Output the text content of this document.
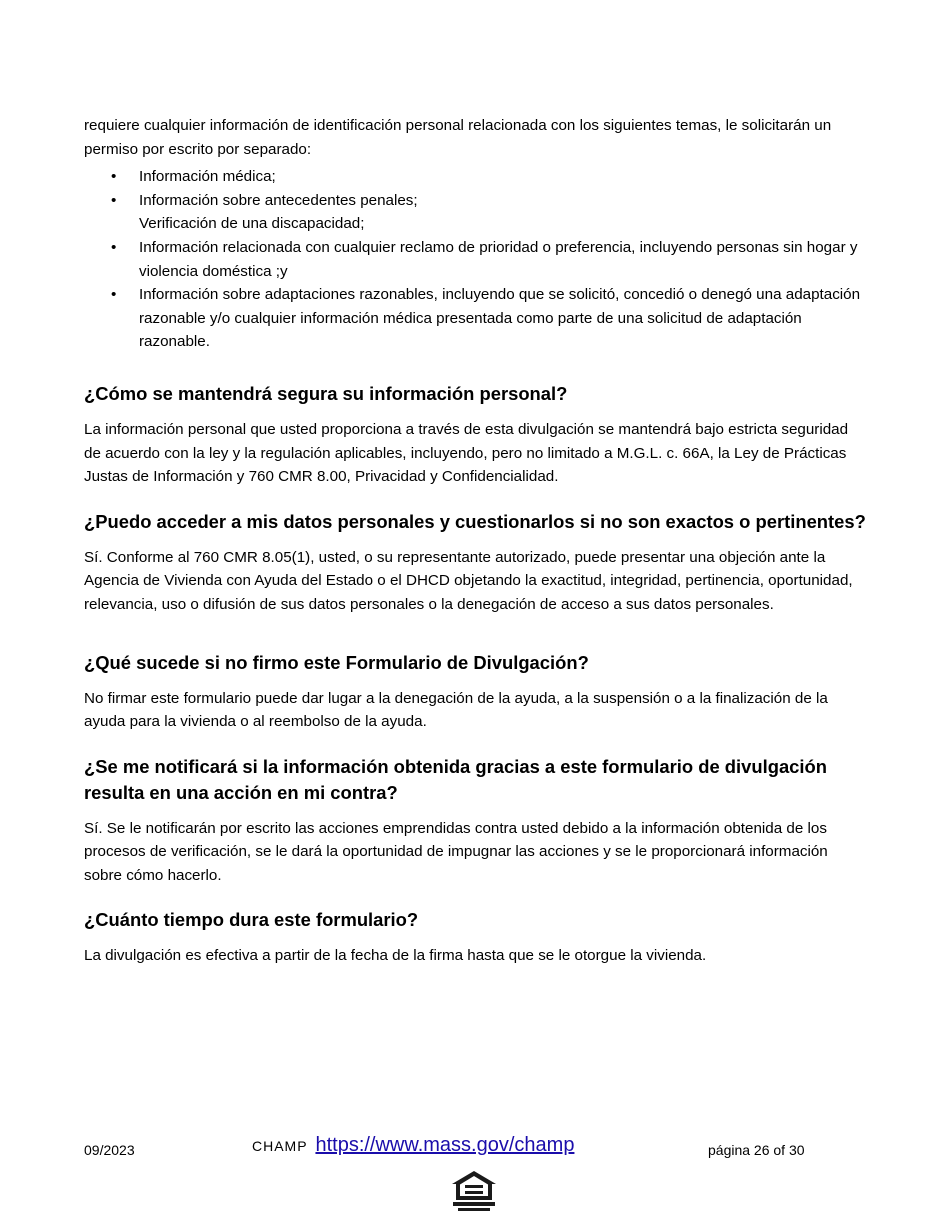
requiere cualquier información de identificación personal relacionada con los siguientes temas, le solicitarán un permiso por escrito por separado:

• Información médica;
• Información sobre antecedentes penales;
Verificación de una discapacidad;
• Información relacionada con cualquier reclamo de prioridad o preferencia, incluyendo personas sin hogar y violencia doméstica ;y
• Información sobre adaptaciones razonables, incluyendo que se solicitó, concedió o denegó una adaptación razonable y/o cualquier información médica presentada como parte de una solicitud de adaptación razonable.
¿Cómo se mantendrá segura su información personal?

La información personal que usted proporciona a través de esta divulgación se mantendrá bajo estricta seguridad de acuerdo con la ley y la regulación aplicables, incluyendo, pero no limitado a M.G.L. c. 66A, la Ley de Prácticas Justas de Información y 760 CMR 8.00, Privacidad y Confidencialidad.

¿Puedo acceder a mis datos personales y cuestionarlos si no son exactos o pertinentes?

Sí. Conforme al 760 CMR 8.05(1), usted, o su representante autorizado, puede presentar una objeción ante la Agencia de Vivienda con Ayuda del Estado o el DHCD objetando la exactitud, integridad, pertinencia, oportunidad, relevancia, uso o difusión de sus datos personales o la denegación de acceso a sus datos personales.

¿Qué sucede si no firmo este Formulario de Divulgación?

No firmar este formulario puede dar lugar a la denegación de la ayuda, a la suspensión o a la finalización de la ayuda para la vivienda o al reembolso de la ayuda.

¿Se me notificará si la información obtenida gracias a este formulario de divulgación resulta en una acción en mi contra?

Sí. Se le notificarán por escrito las acciones emprendidas contra usted debido a la información obtenida de los procesos de verificación, se le dará la oportunidad de impugnar las acciones y se le proporcionará información sobre cómo hacerlo.

¿Cuánto tiempo dura este formulario?

La divulgación es efectiva a partir de la fecha de la firma hasta que se le otorgue la vivienda.

09/2023	CHAMP https://www.mass.gov/champ	página 26 of 30
